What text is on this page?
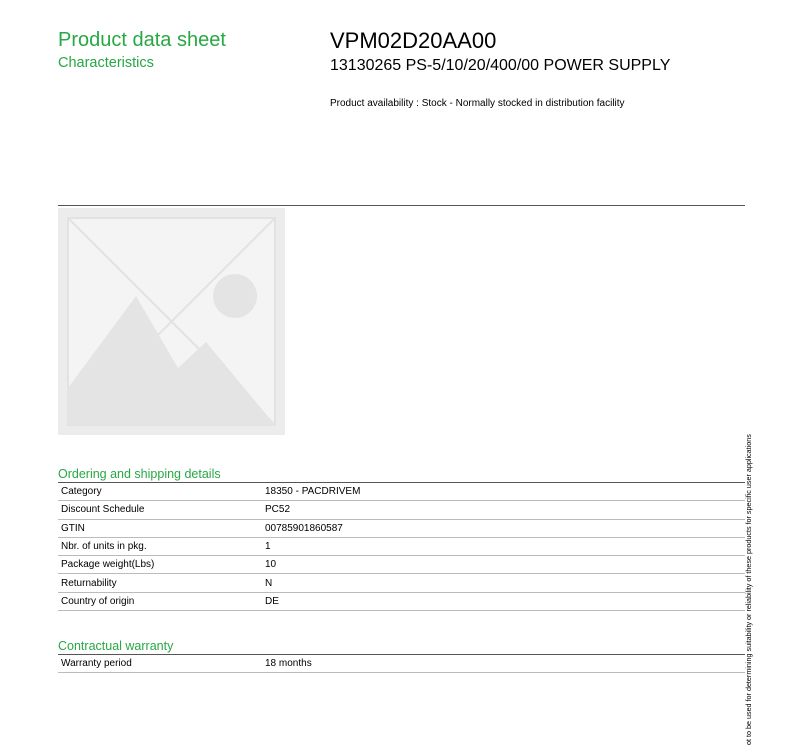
Product data sheet
Characteristics
VPM02D20AA00
13130265 PS-5/10/20/400/00 POWER SUPPLY
Product availability : Stock - Normally stocked in distribution facility
Ordering and shipping details
Category	18350 - PACDRIVEM
Discount Schedule	PC52
GTIN	00785901860587
Nbr. of units in pkg.	1
Package weight(Lbs)	10
Returnability	N
Country of origin	DE
Contractual warranty
Warranty period	18 months	ot to be used for determining suitability or reliability of these products for specific user applications
